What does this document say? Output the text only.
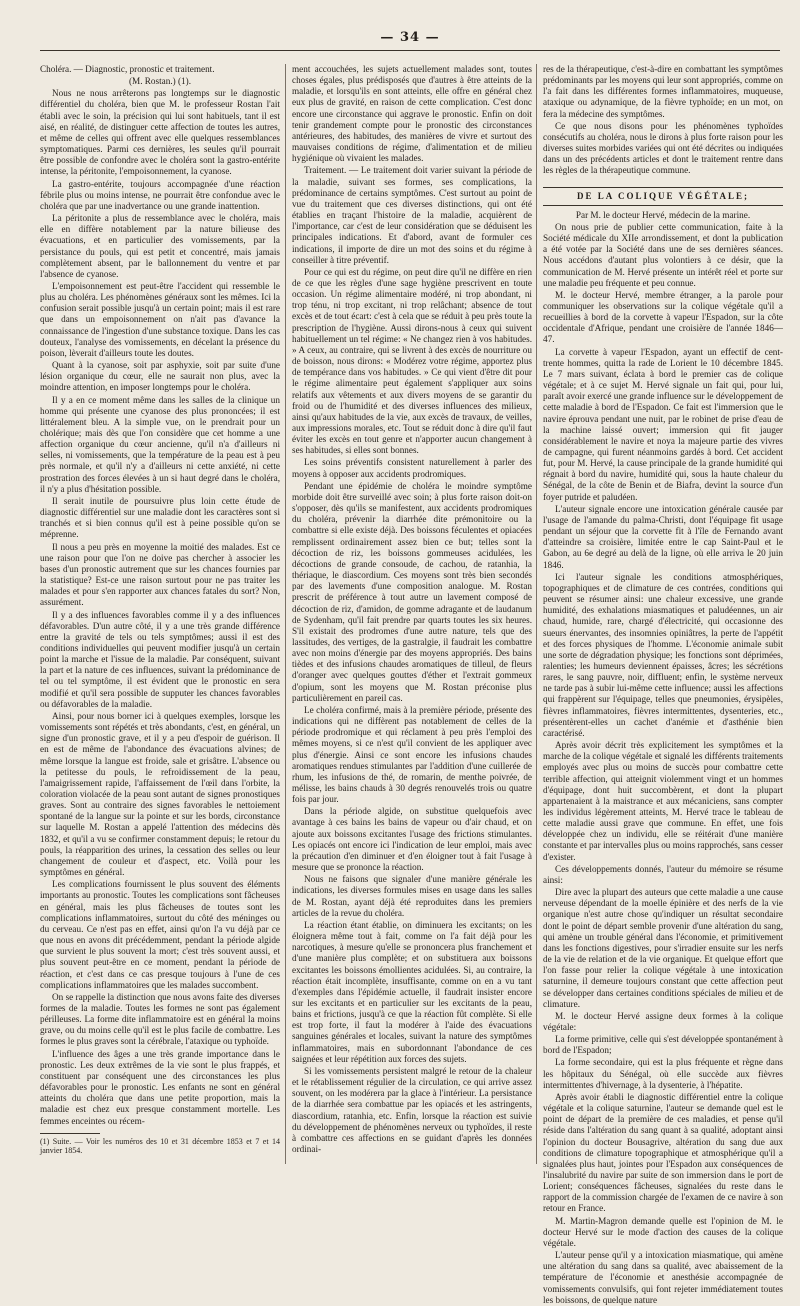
— 34 —

Choléra. — Diagnostic, pronostic et traitement.

(M. Rostan.) (1).

Nous ne nous arrêterons pas longtemps sur le diagnostic différentiel du choléra, bien que M. le professeur Rostan l'ait établi avec le soin, la précision qui lui sont habituels, tant il est aisé, en réalité, de distinguer cette affection de toutes les autres, et même de celles qui offrent avec elle quelques ressemblances symptomatiques. Parmi ces dernières, les seules qu'il pourrait être possible de confondre avec le choléra sont la gastro-entérite intense, la péritonite, l'empoisonnement, la cyanose.

La gastro-entérite, toujours accompagnée d'une réaction fébrile plus ou moins intense, ne pourrait être confondue avec le choléra que par une inadvertance ou une grande inattention.

La péritonite a plus de ressemblance avec le choléra, mais elle en diffère notablement par la nature bilieuse des évacuations, et en particulier des vomissements, par la persistance du pouls, qui est petit et concentré, mais jamais complètement absent, par le ballonnement du ventre et par l'absence de cyanose.

L'empoisonnement est peut-être l'accident qui ressemble le plus au choléra. Les phénomènes généraux sont les mêmes. Ici la confusion serait possible jusqu'à un certain point; mais il est rare que dans un empoisonnement on n'ait pas d'avance la connaissance de l'ingestion d'une substance toxique. Dans les cas douteux, l'analyse des vomissements, en décelant la présence du poison, lèverait d'ailleurs toute les doutes.

Quant à la cyanose, soit par asphyxie, soit par suite d'une lésion organique du cœur, elle ne saurait non plus, avec la moindre attention, en imposer longtemps pour le choléra.

Il y a en ce moment même dans les salles de la clinique un homme qui présente une cyanose des plus prononcées; il est littéralement bleu. A la simple vue, on le prendrait pour un cholérique; mais dès que l'on considère que cet homme a une affection organique du cœur ancienne, qu'il n'a d'ailleurs ni selles, ni vomissements, que la température de la peau est à peu près normale, et qu'il n'y a d'ailleurs ni cette anxiété, ni cette prostration des forces élevées à un si haut degré dans le choléra, il n'y a plus d'hésitation possible.

Il serait inutile de poursuivre plus loin cette étude de diagnostic différentiel sur une maladie dont les caractères sont si tranchés et si bien connus qu'il est à peine possible qu'on se méprenne.

Il nous a peu près en moyenne la moitié des malades. Est ce une raison pour que l'on ne doive pas chercher à associer les bases d'un pronostic autrement que sur les chances fournies par la statistique? Est-ce une raison surtout pour ne pas traiter les malades et pour s'en rapporter aux chances fatales du sort? Non, assurément.

Il y a des influences favorables comme il y a des influences défavorables. D'un autre côté, il y a une très grande différence entre la gravité de tels ou tels symptômes; aussi il est des conditions individuelles qui peuvent modifier jusqu'à un certain point la marche et l'issue de la maladie. Par conséquent, suivant la part et la nature de ces influences, suivant la prédominance de tel ou tel symptôme, il est évident que le pronostic en sera modifié et qu'il sera possible de supputer les chances favorables ou défavorables de la maladie.

Ainsi, pour nous borner ici à quelques exemples, lorsque les vomissements sont répétés et très abondants, c'est, en général, un signe d'un pronostic grave, et il y a peu d'espoir de guérison. Il en est de même de l'abondance des évacuations alvines; de même lorsque la langue est froide, sale et grisâtre. L'absence ou la petitesse du pouls, le refroidissement de la peau, l'amaigrissement rapide, l'affaissement de l'œil dans l'orbite, la coloration violacée de la peau sont autant de signes pronostiques graves. Sont au contraire des signes favorables le nettoiement spontané de la langue sur la pointe et sur les bords, circonstance sur laquelle M. Rostan a appelé l'attention des médecins dès 1832, et qu'il a vu se confirmer constamment depuis; le retour du pouls, la réapparition des urines, la cessation des selles ou leur changement de couleur et d'aspect, etc. Voilà pour les symptômes en général.

Les complications fournissent le plus souvent des éléments importants au pronostic. Toutes les complications sont fâcheuses en général, mais les plus fâcheuses de toutes sont les complications inflammatoires, surtout du côté des méninges ou du cerveau. Ce n'est pas en effet, ainsi qu'on l'a vu déjà par ce que nous en avons dit précédemment, pendant la période algide que survient le plus souvent la mort; c'est très souvent aussi, et plus souvent peut-être en ce moment, pendant la période de réaction, et c'est dans ce cas presque toujours à l'une de ces complications inflammatoires que les malades succombent.

On se rappelle la distinction que nous avons faite des diverses formes de la maladie. Toutes les formes ne sont pas également périlleuses. La forme dite inflammatoire est en général la moins grave, ou du moins celle qu'il est le plus facile de combattre. Les formes le plus graves sont la cérébrale, l'ataxique ou typhoïde.

L'influence des âges a une très grande importance dans le pronostic. Les deux extrêmes de la vie sont le plus frappés, et constituent par conséquent une des circonstances les plus défavorables pour le pronostic. Les enfants ne sont en général atteints du choléra que dans une petite proportion, mais la maladie est chez eux presque constamment mortelle. Les femmes enceintes ou récem-

(1) Suite. — Voir les numéros des 10 et 31 décembre 1853 et 7 et 14 janvier 1854.

ment accouchées, les sujets actuellement malades sont, toutes choses égales, plus prédisposés que d'autres à être atteints de la maladie, et lorsqu'ils en sont atteints, elle offre en général chez eux plus de gravité, en raison de cette complication. C'est donc encore une circonstance qui aggrave le pronostic. Enfin on doit tenir grandement compte pour le pronostic des circonstances antérieures, des habitudes, des manières de vivre et surtout des mauvaises conditions de régime, d'alimentation et de milieu hygiénique où vivaient les malades.

Traitement. — Le traitement doit varier suivant la période de la maladie, suivant ses formes, ses complications, la prédominance de certains symptômes. C'est surtout au point de vue du traitement que ces diverses distinctions, qui ont été établies en traçant l'histoire de la maladie, acquièrent de l'importance, car c'est de leur considération que se déduisent les principales indications. Et d'abord, avant de formuler ces indications, il importe de dire un mot des soins et du régime à conseiller à titre préventif.

Pour ce qui est du régime, on peut dire qu'il ne diffère en rien de ce que les règles d'une sage hygiène prescrivent en toute occasion. Un régime alimentaire modéré, ni trop abondant, ni trop ténu, ni trop excitant, ni trop relâchant; absence de tout excès et de tout écart: c'est à cela que se réduit à peu près toute la prescription de l'hygiène. Aussi dirons-nous à ceux qui suivent habituellement un tel régime: « Ne changez rien à vos habitudes. » A ceux, au contraire, qui se livrent à des excès de nourriture ou de boisson, nous dirons: « Modérez votre régime, apportez plus de tempérance dans vos habitudes. » Ce qui vient d'être dit pour le régime alimentaire peut également s'appliquer aux soins relatifs aux vêtements et aux divers moyens de se garantir du froid ou de l'humidité et des diverses influences des milieux, ainsi qu'aux habitudes de la vie, aux excès de travaux, de veilles, aux impressions morales, etc. Tout se réduit donc à dire qu'il faut éviter les excès en tout genre et n'apporter aucun changement à ses habitudes, si elles sont bonnes.

Les soins préventifs consistent naturellement à parler des moyens à opposer aux accidents prodromiques.

Pendant une épidémie de choléra le moindre symptôme morbide doit être surveillé avec soin; à plus forte raison doit-on s'opposer, dès qu'ils se manifestent, aux accidents prodromiques du choléra, prévenir la diarrhée dite prémonitoire ou la combattre si elle existe déjà. Des boissons féculentes et opiacées remplissent ordinairement assez bien ce but; telles sont la décoction de riz, les boissons gommeuses acidulées, les décoctions de grande consoude, de cachou, de ratanhia, la thériaque, le diascordium. Ces moyens sont très bien secondés par des lavements d'une composition analogue. M. Rostan prescrit de préférence à tout autre un lavement composé de décoction de riz, d'amidon, de gomme adragante et de laudanum de Sydenham, qu'il fait prendre par quarts toutes les six heures. S'il existait des prodromes d'une autre nature, tels que des lassitudes, des vertiges, de la gastralgie, il faudrait les combattre avec non moins d'énergie par des moyens appropriés. Des bains tièdes et des infusions chaudes aromatiques de tilleul, de fleurs d'oranger avec quelques gouttes d'éther et l'extrait gommeux d'opium, sont les moyens que M. Rostan préconise plus particulièrement en pareil cas.

Le choléra confirmé, mais à la première période, présente des indications qui ne diffèrent pas notablement de celles de la période prodromique et qui réclament à peu près l'emploi des mêmes moyens, si ce n'est qu'il convient de les appliquer avec plus d'énergie. Ainsi ce sont encore les infusions chaudes aromatiques rendues stimulantes par l'addition d'une cuillerée de rhum, les infusions de thé, de romarin, de menthe poivrée, de mélisse, les bains chauds à 30 degrés renouvelés trois ou quatre fois par jour.

Dans la période algide, on substitue quelquefois avec avantage à ces bains les bains de vapeur ou d'air chaud, et on ajoute aux boissons excitantes l'usage des frictions stimulantes. Les opiacés ont encore ici l'indication de leur emploi, mais avec la précaution d'en diminuer et d'en éloigner tout à fait l'usage à mesure que se prononce la réaction.

Nous ne faisons que signaler d'une manière générale les indications, les diverses formules mises en usage dans les salles de M. Rostan, ayant déjà été reproduites dans les premiers articles de la revue du choléra.

La réaction étant établie, on diminuera les excitants; on les éloignera même tout à fait, comme on l'a fait déjà pour les narcotiques, à mesure qu'elle se prononcera plus franchement et d'une manière plus complète; et on substituera aux boissons excitantes les boissons émollientes acidulées. Si, au contraire, la réaction était incomplète, insuffisante, comme on en a vu tant d'exemples dans l'épidémie actuelle, il faudrait insister encore sur les excitants et en particulier sur les excitants de la peau, bains et frictions, jusqu'à ce que la réaction fût complète. Si elle est trop forte, il faut la modérer à l'aide des évacuations sanguines générales et locales, suivant la nature des symptômes inflammatoires, mais en subordonnant l'abondance de ces saignées et leur répétition aux forces des sujets.

Si les vomissements persistent malgré le retour de la chaleur et le rétablissement régulier de la circulation, ce qui arrive assez souvent, on les modérera par la glace à l'intérieur. La persistance de la diarrhée sera combattue par les opiacés et les astringents, diascordium, ratanhia, etc. Enfin, lorsque la réaction est suivie du développement de phénomènes nerveux ou typhoïdes, il reste à combattre ces affections en se guidant d'après les données ordinai-

res de la thérapeutique, c'est-à-dire en combattant les symptômes prédominants par les moyens qui leur sont appropriés, comme on l'a fait dans les différentes formes inflammatoires, muqueuse, ataxique ou adynamique, de la fièvre typhoïde; en un mot, on fera la médecine des symptômes.

Ce que nous disons pour les phénomènes typhoïdes consécutifs au choléra, nous le dirons à plus forte raison pour les diverses suites morbides variées qui ont été décrites ou indiquées dans un des précédents articles et dont le traitement rentre dans les règles de la thérapeutique commune.

DE LA COLIQUE VÉGÉTALE;

Par M. le docteur Hervé, médecin de la marine.

On nous prie de publier cette communication, faite à la Société médicale du XIIe arrondissement, et dont la publication a été votée par la Société dans une de ses dernières séances. Nous accédons d'autant plus volontiers à ce désir, que la communication de M. Hervé présente un intérêt réel et porte sur une maladie peu fréquente et peu connue.

M. le docteur Hervé, membre étranger, a la parole pour communiquer les observations sur la colique végétale qu'il a recueillies à bord de la corvette à vapeur l'Espadon, sur la côte occidentale d'Afrique, pendant une croisière de l'année 1846—47.

La corvette à vapeur l'Espadon, ayant un effectif de cent-trente hommes, quitta la rade de Lorient le 10 décembre 1845. Le 7 mars suivant, éclata à bord le premier cas de colique végétale; et à ce sujet M. Hervé signale un fait qui, pour lui, paraît avoir exercé une grande influence sur le développement de cette maladie à bord de l'Espadon. Ce fait est l'immersion que le navire éprouva pendant une nuit, par le robinet de prise d'eau de la machine laissé ouvert; immersion qui fit jauger considérablement le navire et noya la majeure partie des vivres de campagne, qui furent néanmoins gardés à bord. Cet accident fut, pour M. Hervé, la cause principale de la grande humidité qui régnait à bord du navire, humidité qui, sous la haute chaleur du Sénégal, de la côte de Benin et de Biafra, devint la source d'un foyer putride et paludéen.

L'auteur signale encore une intoxication générale causée par l'usage de l'amande du palma-Christi, dont l'équipage fit usage pendant un séjour que la corvette fit à l'île de Fernando avant d'atteindre sa croisière, limitée entre le cap Saint-Paul et le Gabon, au 6e degré au delà de la ligne, où elle arriva le 20 juin 1846.

Ici l'auteur signale les conditions atmosphériques, topographiques et de climature de ces contrées, conditions qui peuvent se résumer ainsi: une chaleur excessive, une grande humidité, des exhalations miasmatiques et paludéennes, un air chaud, humide, rare, chargé d'électricité, qui occasionne des sueurs énervantes, des insomnies opiniâtres, la perte de l'appétit et des forces physiques de l'homme. L'économie animale subit une sorte de dégradation physique; les fonctions sont déprimées, ralenties; les humeurs deviennent épaisses, âcres; les sécrétions rares, le sang pauvre, noir, diffluent; enfin, le système nerveux ne tarde pas à subir lui-même cette influence; aussi les affections qui frappèrent sur l'équipage, telles que pneumonies, érysipèles, fièvres inflammatoires, fièvres intermittentes, dysenteries, etc., présentèrent-elles un cachet d'anémie et d'asthénie bien caractérisé.

Après avoir décrit très explicitement les symptômes et la marche de la colique végétale et signalé les différents traitements employés avec plus ou moins de succès pour combattre cette terrible affection, qui atteignit violemment vingt et un hommes d'équipage, dont huit succombèrent, et dont la plupart appartenaient à la maistrance et aux mécaniciens, sans compter les individus légèrement atteints, M. Hervé trace le tableau de cette maladie aussi grave que commune. En effet, une fois développée chez un individu, elle se réitérait d'une manière constante et par intervalles plus ou moins rapprochés, sans cesser d'exister.

Ces développements donnés, l'auteur du mémoire se résume ainsi:

Dire avec la plupart des auteurs que cette maladie a une cause nerveuse dépendant de la moelle épinière et des nerfs de la vie organique n'est autre chose qu'indiquer un résultat secondaire dont le point de départ semble provenir d'une altération du sang, qui amène un trouble général dans l'économie, et primitivement dans les fonctions digestives, pour s'irradier ensuite sur les nerfs de la vie de relation et de la vie organique. Et quelque effort que l'on fasse pour relier la colique végétale à une intoxication saturnine, il demeure toujours constant que cette affection peut se développer dans certaines conditions spéciales de milieu et de climature.

M. le docteur Hervé assigne deux formes à la colique végétale:

La forme primitive, celle qui s'est développée spontanément à bord de l'Espadon;

La forme secondaire, qui est la plus fréquente et règne dans les hôpitaux du Sénégal, où elle succède aux fièvres intermittentes d'hivernage, à la dysenterie, à l'hépatite.

Après avoir établi le diagnostic différentiel entre la colique végétale et la colique saturnine, l'auteur se demande quel est le point de départ de la première de ces maladies, et pense qu'il réside dans l'altération du sang quant à sa qualité, adoptant ainsi l'opinion du docteur Bousagrive, altération du sang due aux conditions de climature topographique et atmosphérique qu'il a signalées plus haut, jointes pour l'Espadon aux conséquences de l'insalubrité du navire par suite de son immersion dans le port de Lorient; conséquences fâcheuses, signalées du reste dans le rapport de la commission chargée de l'examen de ce navire à son retour en France.

M. Martin-Magron demande quelle est l'opinion de M. le docteur Hervé sur le mode d'action des causes de la colique végétale.

L'auteur pense qu'il y a intoxication miasmatique, qui amène une altération du sang dans sa qualité, avec abaissement de la température de l'économie et anesthésie accompagnée de vomissements convulsifs, qui font rejeter immédiatement toutes les boissons, de quelque nature
